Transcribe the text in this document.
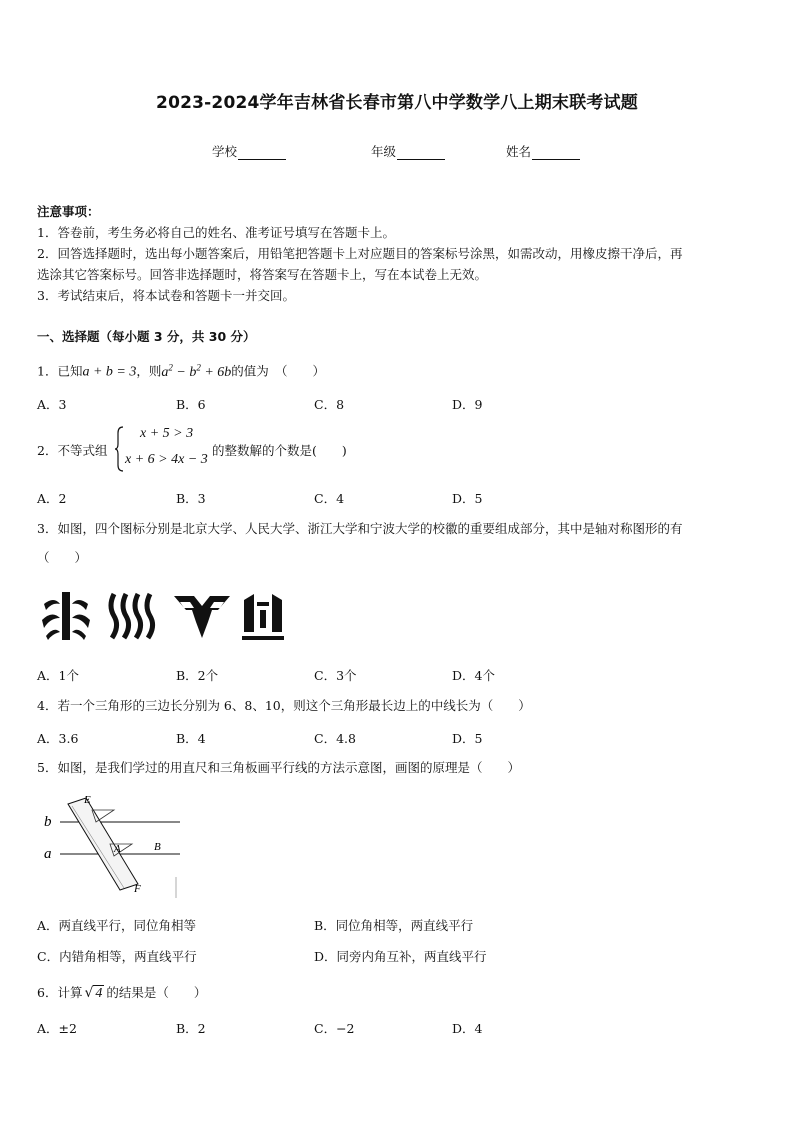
2023-2024学年吉林省长春市第八中学数学八上期末联考试题
学校	年级	姓名
注意事项：
1．答卷前，考生务必将自己的姓名、准考证号填写在答题卡上。
2．回答选择题时，选出每小题答案后，用铅笔把答题卡上对应题目的答案标号涂黑，如需改动，用橡皮擦干净后，再
选涂其它答案标号。回答非选择题时，将答案写在答题卡上，写在本试卷上无效。
3．考试结束后，将本试卷和答题卡一并交回。
一、选择题（每小题 3 分，共 30 分）
1．已知a + b = 3，则$a^2 - b^2 + 6b$的值为　（　　）
A．3	B．6	C．8	D．9
2．不等式组
x + 5 > 3
x + 6 > 4x − 3
的整数解的个数是(　　)
A．2	B．3	C．4	D．5
3．如图，四个图标分别是北京大学、人民大学、浙江大学和宁波大学的校徽的重要组成部分，其中是轴对称图形的有
（　　）
A．1个	B．2个	C．3个	D．4个
4．若一个三角形的三边长分别为 6、8、10，则这个三角形最长边上的中线长为（　　）
A．3.6	B．4	C．4.8	D．5
5．如图，是我们学过的用直尺和三角板画平行线的方法示意图，画图的原理是（　　）
b
a
E
A	B
F
A．两直线平行，同位角相等	B．同位角相等，两直线平行
C．内错角相等，两直线平行	D．同旁内角互补，两直线平行
6．计算 √ 4 的结果是（　　）
A．±2	B．2	C．−2	D．4
